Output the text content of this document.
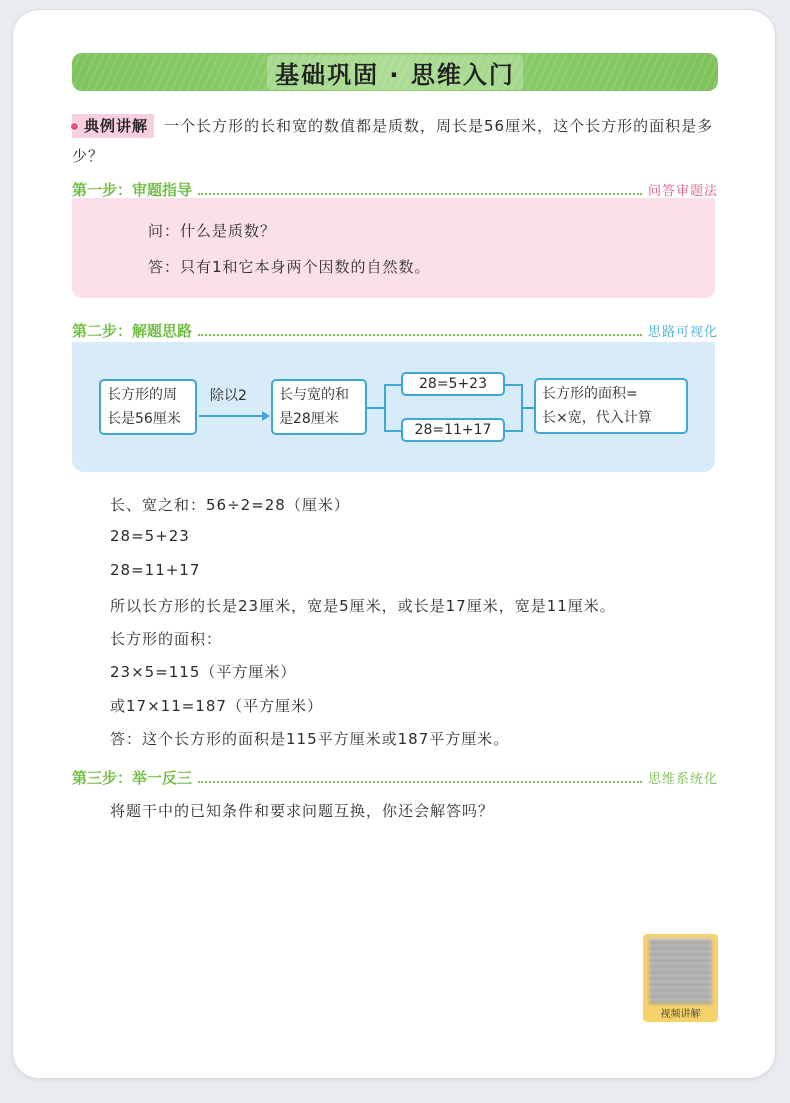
基础巩固 · 思维入门
典例讲解 一个长方形的长和宽的数值都是质数，周长是56厘米，这个长方形的面积是多少？
第一步：审题指导	问答审题法
问：什么是质数？
答：只有1和它本身两个因数的自然数。
第二步：解题思路	思路可视化
长方形的周
长是56厘米
除以2 长与宽的和
是28厘米
28=5+23
28=11+17
长方形的面积=
长×宽，代入计算
长、宽之和：56÷2=28（厘米）
28=5+23
28=11+17
所以长方形的长是23厘米，宽是5厘米，或长是17厘米，宽是11厘米。
长方形的面积：
23×5=115（平方厘米）
或17×11=187（平方厘米）
答：这个长方形的面积是115平方厘米或187平方厘米。
第三步：举一反三	思维系统化
将题干中的已知条件和要求问题互换，你还会解答吗？
视频讲解
